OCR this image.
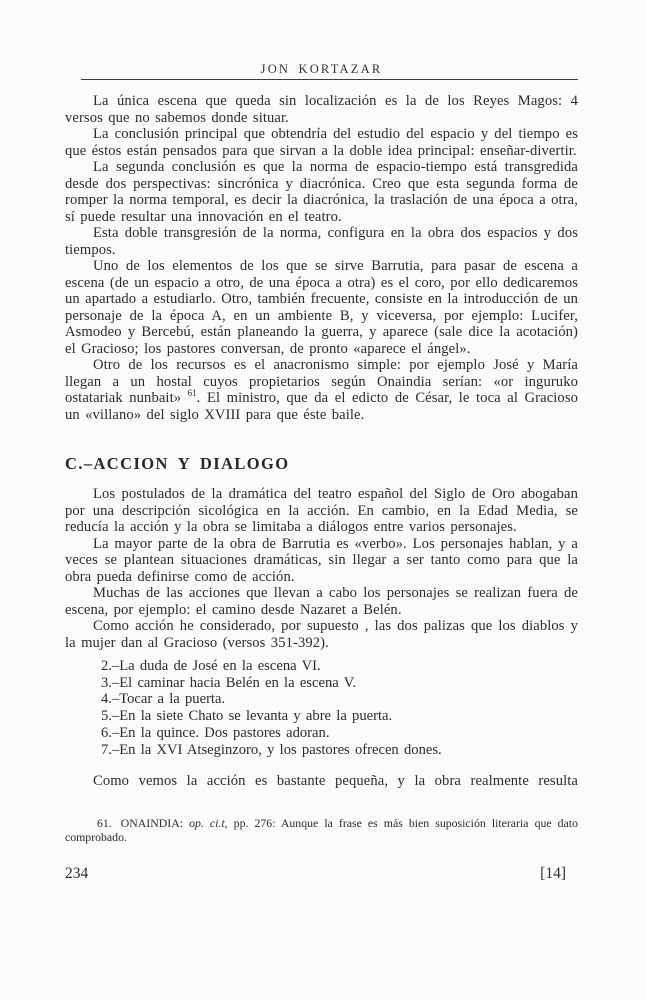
JON KORTAZAR

La única escena que queda sin localización es la de los Reyes Magos: 4 versos que no sabemos donde situar.

La conclusión principal que obtendría del estudio del espacio y del tiempo es que éstos están pensados para que sirvan a la doble idea principal: enseñar-divertir.

La segunda conclusión es que la norma de espacio-tiempo está transgredida desde dos perspectivas: sincrónica y diacrónica. Creo que esta segunda forma de romper la norma temporal, es decir la diacrónica, la traslación de una época a otra, sí puede resultar una innovación en el teatro.

Esta doble transgresión de la norma, configura en la obra dos espacios y dos tiempos.

Uno de los elementos de los que se sirve Barrutia, para pasar de escena a escena (de un espacio a otro, de una época a otra) es el coro, por ello dedicaremos un apartado a estudiarlo. Otro, también frecuente, consiste en la introducción de un personaje de la época A, en un ambiente B, y viceversa, por ejemplo: Lucifer, Asmodeo y Bercebú, están planeando la guerra, y aparece (sale dice la acotación) el Gracioso; los pastores conversan, de pronto «aparece el ángel».

Otro de los recursos es el anacronismo simple: por ejemplo José y María llegan a un hostal cuyos propietarios según Onaindia serían: «or inguruko ostatariak nunbait» $^{61}$. El ministro, que da el edicto de César, le toca al Gracioso un «villano» del siglo XVIII para que éste baile.

C.–ACCION Y DIALOGO

Los postulados de la dramática del teatro español del Siglo de Oro abogaban por una descripción sicológica en la acción. En cambio, en la Edad Media, se reducía la acción y la obra se limitaba a diálogos entre varios personajes.

La mayor parte de la obra de Barrutia es «verbo». Los personajes hablan, y a veces se plantean situaciones dramáticas, sin llegar a ser tanto como para que la obra pueda definirse como de acción.

Muchas de las acciones que llevan a cabo los personajes se realizan fuera de escena, por ejemplo: el camino desde Nazaret a Belén.

Como acción he considerado, por supuesto , las dos palizas que los diablos y la mujer dan al Gracioso (versos 351-392).

2.–La duda de José en la escena VI.
3.–El caminar hacia Belén en la escena V.
4.–Tocar a la puerta.
5.–En la siete Chato se levanta y abre la puerta.
6.–En la quince. Dos pastores adoran.
7.–En la XVI Atseginzoro, y los pastores ofrecen dones.

Como vemos la acción es bastante pequeña, y la obra realmente resulta

61. ONAINDIA: op. ci.t, pp. 276: Aunque la frase es más bien suposición literaria que dato comprobado.

234	[14]
